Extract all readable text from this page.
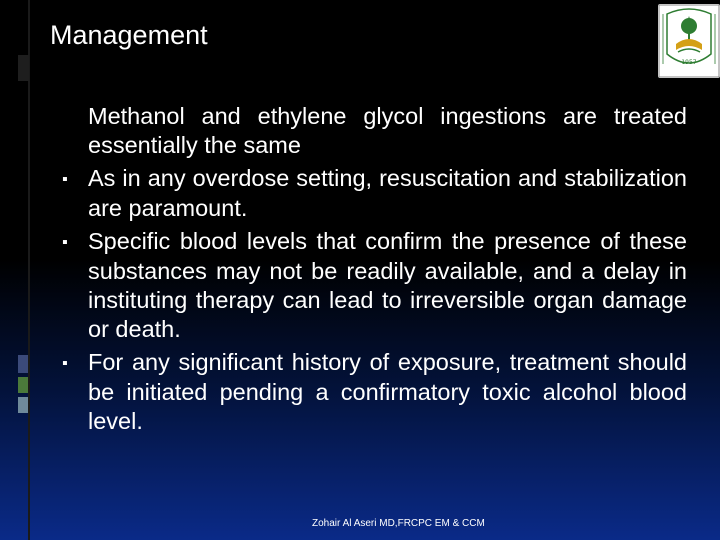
Management
1957
Methanol and ethylene glycol ingestions are treated essentially the same
▪ As in any overdose setting, resuscitation and stabilization are paramount.
▪ Specific blood levels that confirm the presence of these substances may not be readily available, and a delay in instituting therapy can lead to irreversible organ damage or death.
▪ For any significant history of exposure, treatment should be initiated pending a confirmatory toxic alcohol blood level.
Zohair Al Aseri MD,FRCPC EM & CCM
